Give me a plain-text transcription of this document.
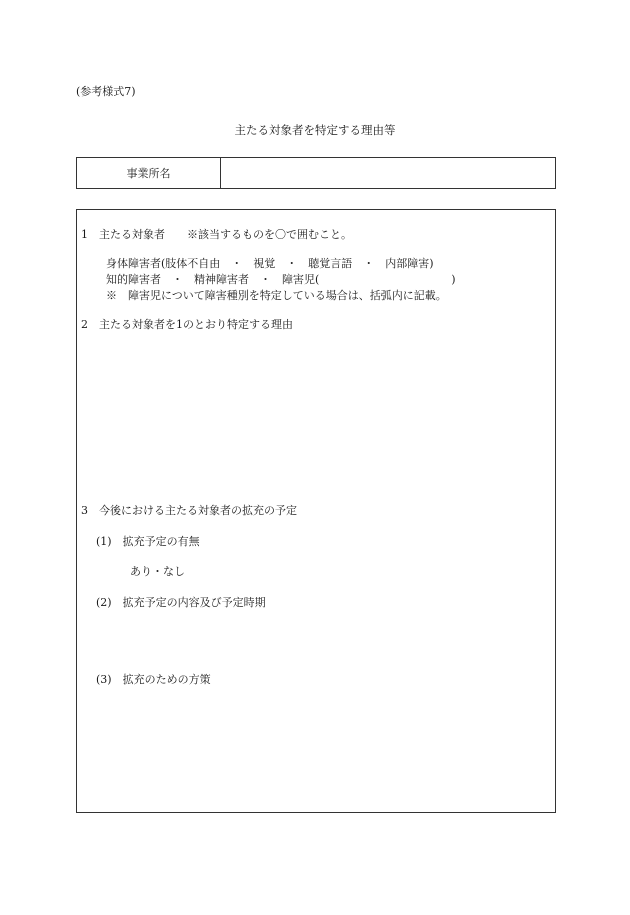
(参考様式7)
主たる対象者を特定する理由等
事業所名
1　主たる対象者　　※該当するものを〇で囲むこと。
身体障害者(肢体不自由　・　視覚　・　聴覚言語　・　内部障害)
知的障害者　・　精神障害者　・　障害児(　　　　　　　　　　　　)
※　障害児について障害種別を特定している場合は、括弧内に記載。
2　主たる対象者を1のとおり特定する理由
3　今後における主たる対象者の拡充の予定
(1)　拡充予定の有無
あり・なし
(2)　拡充予定の内容及び予定時期
(3)　拡充のための方策
